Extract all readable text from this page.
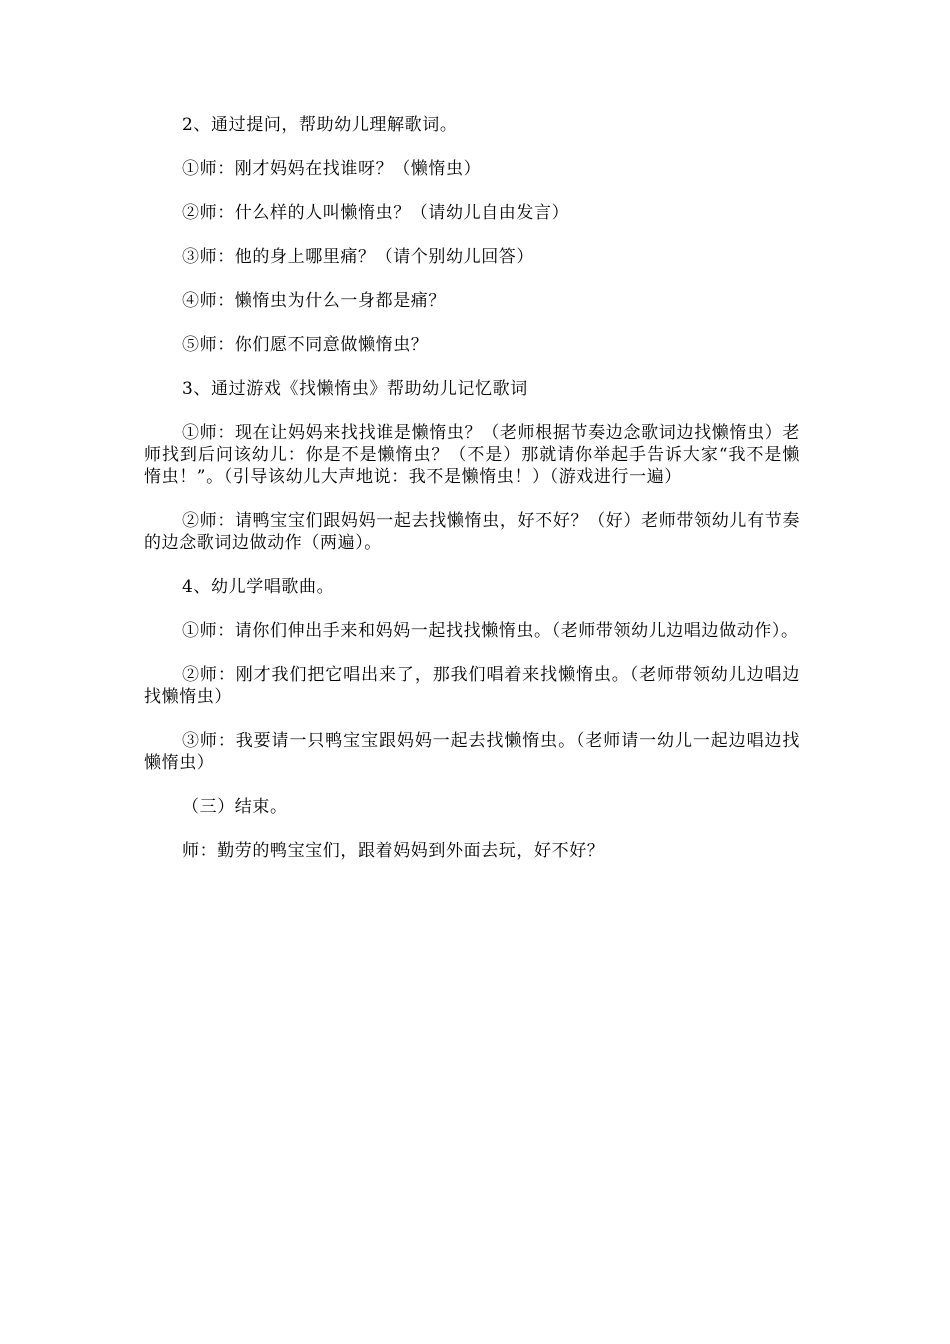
2、通过提问，帮助幼儿理解歌词。

①师：刚才妈妈在找谁呀？（懒惰虫）

②师：什么样的人叫懒惰虫？（请幼儿自由发言）

③师：他的身上哪里痛？（请个别幼儿回答）

④师：懒惰虫为什么一身都是痛？

⑤师：你们愿不同意做懒惰虫？

3、通过游戏《找懒惰虫》帮助幼儿记忆歌词

①师：现在让妈妈来找找谁是懒惰虫？（老师根据节奏边念歌词边找懒惰虫）老师找到后问该幼儿：你是不是懒惰虫？（不是）那就请你举起手告诉大家“我不是懒惰虫！”。（引导该幼儿大声地说：我不是懒惰虫！）（游戏进行一遍）

②师：请鸭宝宝们跟妈妈一起去找懒惰虫，好不好？（好）老师带领幼儿有节奏的边念歌词边做动作（两遍）。

4、幼儿学唱歌曲。

①师：请你们伸出手来和妈妈一起找找懒惰虫。（老师带领幼儿边唱边做动作）。

②师：刚才我们把它唱出来了，那我们唱着来找懒惰虫。（老师带领幼儿边唱边找懒惰虫）

③师：我要请一只鸭宝宝跟妈妈一起去找懒惰虫。（老师请一幼儿一起边唱边找懒惰虫）

（三）结束。

师：勤劳的鸭宝宝们，跟着妈妈到外面去玩，好不好？
